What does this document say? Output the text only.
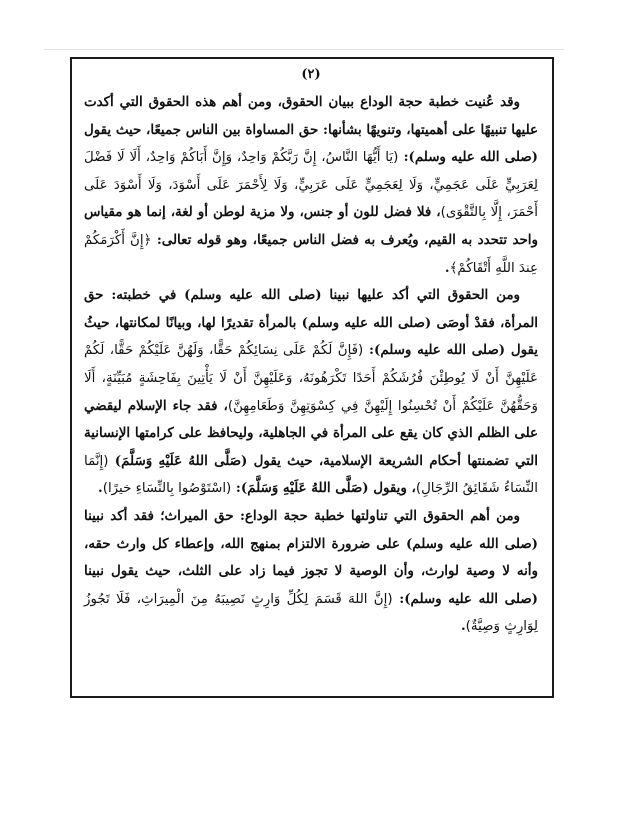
(٢)

وقد عُنيت خطبة حجة الوداع ببيان الحقوق، ومن أهم هذه الحقوق التي أكدت عليها تنبيهًا على أهميتها، وتنويهًا بشأنها: حق المساواة بين الناس جميعًا، حيث يقول (صلى الله عليه وسلم): (يَا أَيُّهَا النَّاسُ، إِنَّ رَبَّكُمْ وَاحِدٌ، وَإِنَّ أَبَاكُمْ وَاحِدٌ، أَلَا لَا فَضْلَ لِعَرَبِيٍّ عَلَى عَجَمِيٍّ، وَلَا لِعَجَمِيٍّ عَلَى عَرَبِيٍّ، وَلَا لِأَحْمَرَ عَلَى أَسْوَدَ، وَلَا أَسْوَدَ عَلَى أَحْمَرَ، إِلَّا بِالتَّقْوَى)، فلا فضل للون أو جنس، ولا مزية لوطن أو لغة، إنما هو مقياس واحد تتحدد به القيم، ويُعرف به فضل الناس جميعًا، وهو قوله تعالى: ﴿إِنَّ أَكْرَمَكُمْ عِندَ اللَّهِ أَتْقَاكُمْ﴾.

ومن الحقوق التي أكد عليها نبينا (صلى الله عليه وسلم) في خطبته: حق المرأة، فقدْ أوصَى (صلى الله عليه وسلم) بالمرأة تقديرًا لها، وبيانًا لمكانتها، حيثُ يقول (صلى الله عليه وسلم): (فَإِنَّ لَكُمْ عَلَى نِسَائِكُمْ حَقًّا، وَلَهُنَّ عَلَيْكُمْ حَقًّا، لَكُمْ عَلَيْهِنَّ أَنْ لَا يُوطِئْنَ فُرُشَكُمْ أَحَدًا تَكْرَهُونَهُ، وَعَلَيْهِنَّ أَنْ لَا يَأْتِينَ بِفَاحِشَةٍ مُبَيِّنَةٍ، أَلَا وَحَقُّهُنَّ عَلَيْكُمْ أَنْ تُحْسِنُوا إِلَيْهِنَّ فِي كِسْوَتِهِنَّ وَطَعَامِهِنَّ)، فقد جاء الإسلام ليقضي على الظلم الذي كان يقع على المرأة في الجاهلية، وليحافظ على كرامتها الإنسانية التي تضمنتها أحكام الشريعة الإسلامية، حيث يقول (صَلَّى اللهُ عَلَيْهِ وَسَلَّمَ) (إِنَّمَا النِّسَاءُ شَقَائِقُ الرِّجَالِ)، ويقول (صَلَّى اللهُ عَلَيْهِ وَسَلَّمَ): (اسْتَوْصُوا بِالنِّسَاءِ خيرًا).

ومن أهم الحقوق التي تناولتها خطبة حجة الوداع: حق الميراث؛ فقد أكد نبينا (صلى الله عليه وسلم) على ضرورة الالتزام بمنهج الله، وإعطاء كل وارث حقه، وأنه لا وصية لوارث، وأن الوصية لا تجوز فيما زاد على الثلث، حيث يقول نبينا (صلى الله عليه وسلم): (إِنَّ اللهَ قَسَمَ لِكُلِّ وَارِثٍ نَصِيبَهُ مِنَ الْمِيرَاثِ، فَلَا تَجُوزُ لِوَارِثٍ وَصِيَّةٌ).
